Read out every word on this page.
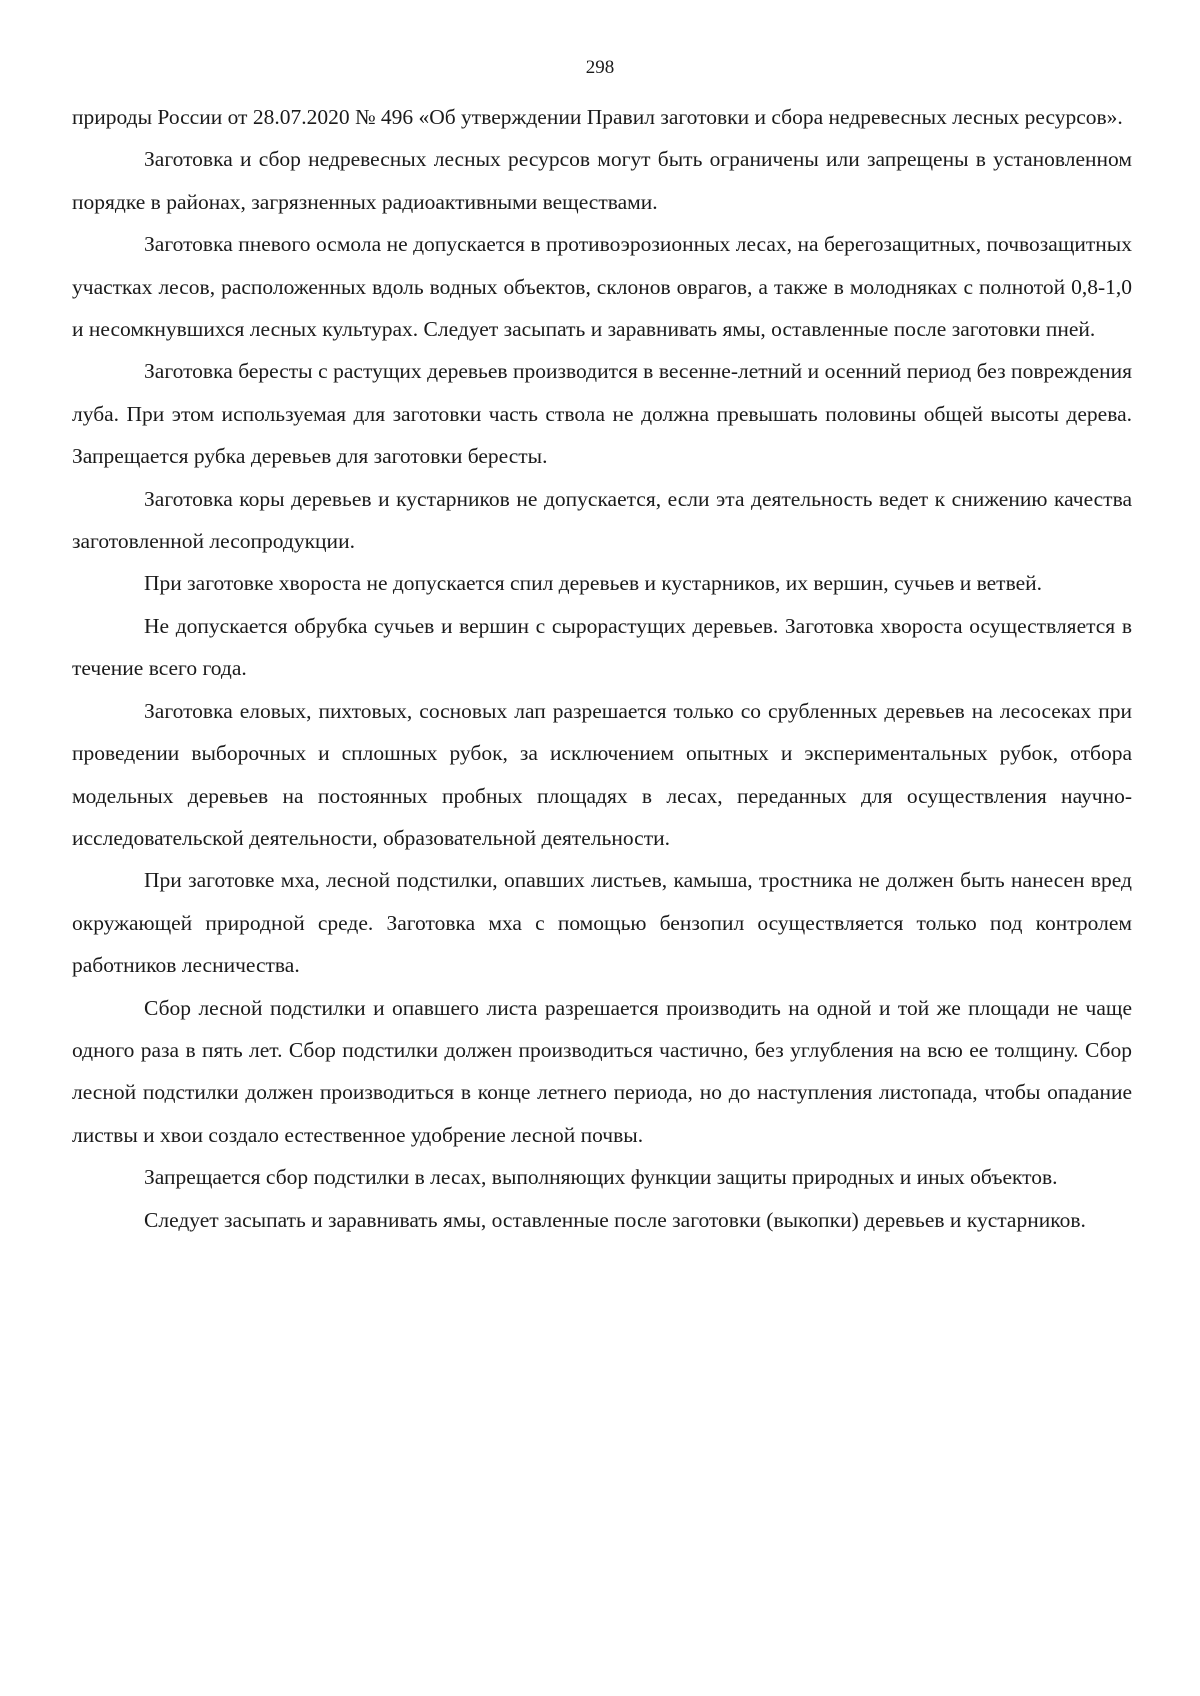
298

природы России от 28.07.2020 № 496 «Об утверждении Правил заготовки и сбора недревесных лесных ресурсов».

Заготовка и сбор недревесных лесных ресурсов могут быть ограничены или запрещены в установленном порядке в районах, загрязненных радиоактивными веществами.

Заготовка пневого осмола не допускается в противоэрозионных лесах, на берегозащитных, почвозащитных участках лесов, расположенных вдоль водных объектов, склонов оврагов, а также в молодняках с полнотой 0,8-1,0 и несомкнувшихся лесных культурах. Следует засыпать и заравнивать ямы, оставленные после заготовки пней.

Заготовка бересты с растущих деревьев производится в весенне-летний и осенний период без повреждения луба. При этом используемая для заготовки часть ствола не должна превышать половины общей высоты дерева. Запрещается рубка деревьев для заготовки бересты.

Заготовка коры деревьев и кустарников не допускается, если эта деятельность ведет к снижению качества заготовленной лесопродукции.

При заготовке хвороста не допускается спил деревьев и кустарников, их вершин, сучьев и ветвей.

Не допускается обрубка сучьев и вершин с сырорастущих деревьев. Заготовка хвороста осуществляется в течение всего года.

Заготовка еловых, пихтовых, сосновых лап разрешается только со срубленных деревьев на лесосеках при проведении выборочных и сплошных рубок, за исключением опытных и экспериментальных рубок, отбора модельных деревьев на постоянных пробных площадях в лесах, переданных для осуществления научно-исследовательской деятельности, образовательной деятельности.

При заготовке мха, лесной подстилки, опавших листьев, камыша, тростника не должен быть нанесен вред окружающей природной среде. Заготовка мха с помощью бензопил осуществляется только под контролем работников лесничества.

Сбор лесной подстилки и опавшего листа разрешается производить на одной и той же площади не чаще одного раза в пять лет. Сбор подстилки должен производиться частично, без углубления на всю ее толщину. Сбор лесной подстилки должен производиться в конце летнего периода, но до наступления листопада, чтобы опадание листвы и хвои создало естественное удобрение лесной почвы.

Запрещается сбор подстилки в лесах, выполняющих функции защиты природных и иных объектов.

Следует засыпать и заравнивать ямы, оставленные после заготовки (выкопки) деревьев и кустарников.
